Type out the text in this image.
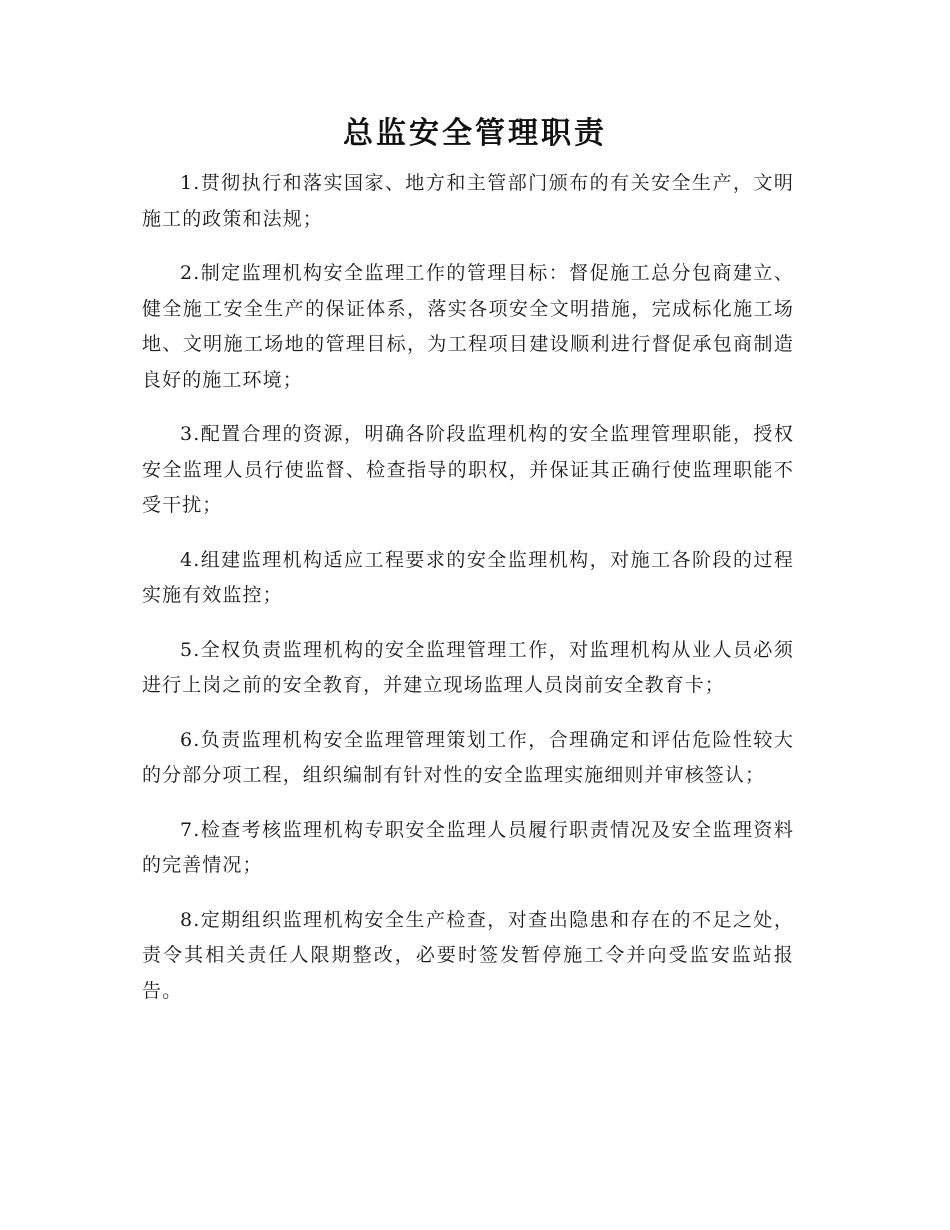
总监安全管理职责

1.贯彻执行和落实国家、地方和主管部门颁布的有关安全生产，文明施工的政策和法规；

2.制定监理机构安全监理工作的管理目标：督促施工总分包商建立、健全施工安全生产的保证体系，落实各项安全文明措施，完成标化施工场地、文明施工场地的管理目标，为工程项目建设顺利进行督促承包商制造良好的施工环境；

3.配置合理的资源，明确各阶段监理机构的安全监理管理职能，授权安全监理人员行使监督、检查指导的职权，并保证其正确行使监理职能不受干扰；

4.组建监理机构适应工程要求的安全监理机构，对施工各阶段的过程实施有效监控；

5.全权负责监理机构的安全监理管理工作，对监理机构从业人员必须进行上岗之前的安全教育，并建立现场监理人员岗前安全教育卡；

6.负责监理机构安全监理管理策划工作，合理确定和评估危险性较大的分部分项工程，组织编制有针对性的安全监理实施细则并审核签认；

7.检查考核监理机构专职安全监理人员履行职责情况及安全监理资料的完善情况；

8.定期组织监理机构安全生产检查，对查出隐患和存在的不足之处，责令其相关责任人限期整改，必要时签发暂停施工令并向受监安监站报告。
